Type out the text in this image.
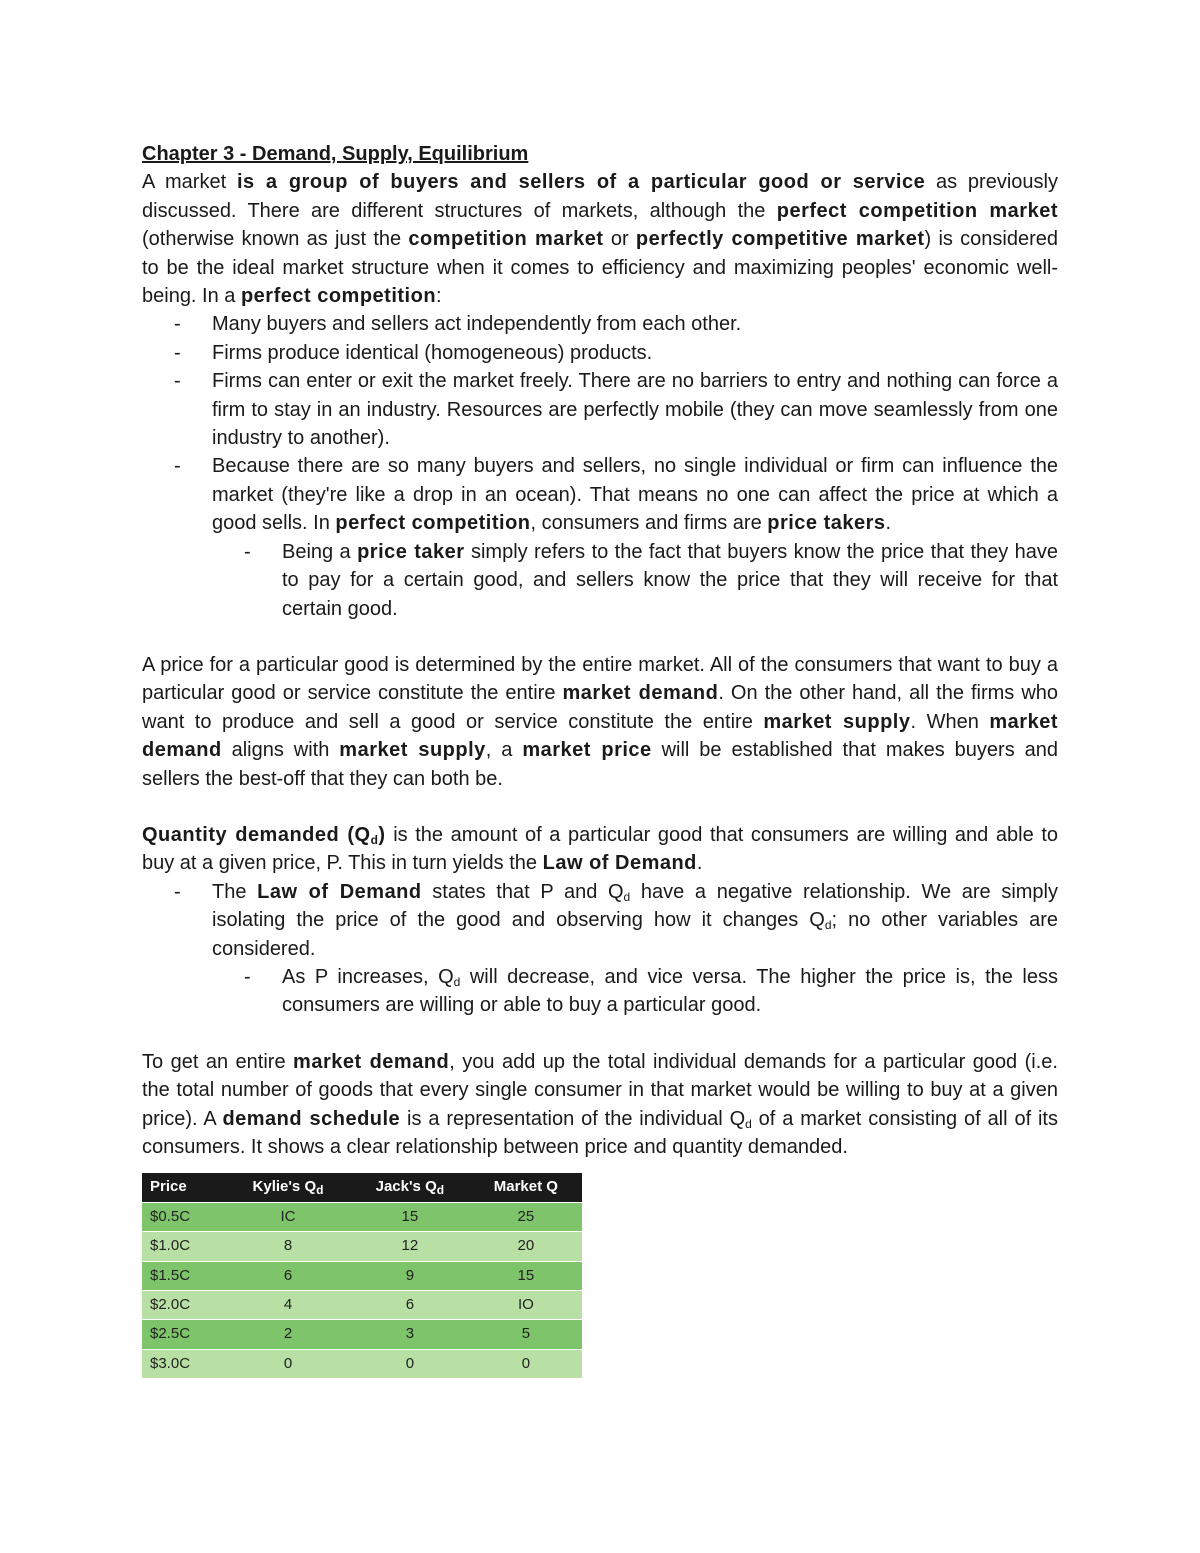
Chapter 3 - Demand, Supply, Equilibrium

A market is a group of buyers and sellers of a particular good or service as previously discussed. There are different structures of markets, although the perfect competition market (otherwise known as just the competition market or perfectly competitive market) is considered to be the ideal market structure when it comes to efficiency and maximizing peoples' economic well-being. In a perfect competition:

- Many buyers and sellers act independently from each other.
- Firms produce identical (homogeneous) products.
- Firms can enter or exit the market freely. There are no barriers to entry and nothing can force a firm to stay in an industry. Resources are perfectly mobile (they can move seamlessly from one industry to another).
- Because there are so many buyers and sellers, no single individual or firm can influence the market (they're like a drop in an ocean). That means no one can affect the price at which a good sells. In perfect competition, consumers and firms are price takers.
- Being a price taker simply refers to the fact that buyers know the price that they have to pay for a certain good, and sellers know the price that they will receive for that certain good.

A price for a particular good is determined by the entire market. All of the consumers that want to buy a particular good or service constitute the entire market demand. On the other hand, all the firms who want to produce and sell a good or service constitute the entire market supply. When market demand aligns with market supply, a market price will be established that makes buyers and sellers the best-off that they can both be.

Quantity demanded $(Q_d)$ is the amount of a particular good that consumers are willing and able to buy at a given price, P. This in turn yields the Law of Demand.

- The Law of Demand states that P and $Q_d$ have a negative relationship. We are simply isolating the price of the good and observing how it changes $Q_d$; no other variables are considered.
- As P increases, $Q_d$ will decrease, and vice versa. The higher the price is, the less consumers are willing or able to buy a particular good.

To get an entire market demand, you add up the total individual demands for a particular good (i.e. the total number of goods that every single consumer in that market would be willing to buy at a given price). A demand schedule is a representation of the individual $Q_d$ of a market consisting of all of its consumers. It shows a clear relationship between price and quantity demanded.

Price	Kylie's $Q_d$	Jack's $Q_d$	Market Q
$0.5C	IC	15	25
$1.0C	8	12	20
$1.5C	6	9	15
$2.0C	4	6	IO
$2.5C	2	3	5
$3.0C	0	0	0
